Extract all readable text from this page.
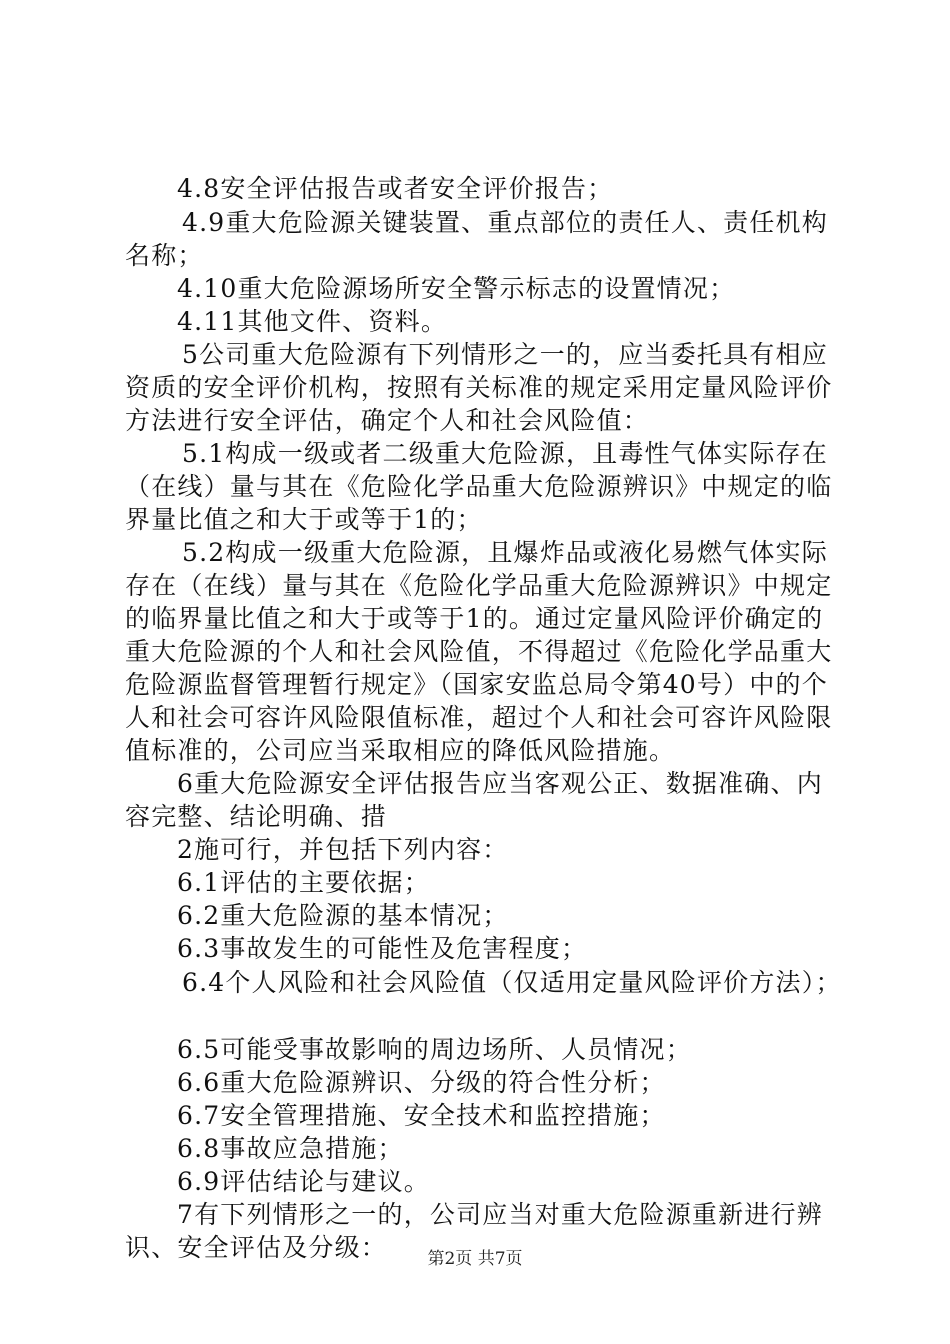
4.8安全评估报告或者安全评价报告；
4.9重大危险源关键装置、重点部位的责任人、责任机构
名称；
4.10重大危险源场所安全警示标志的设置情况；
4.11其他文件、资料。
5公司重大危险源有下列情形之一的，应当委托具有相应
资质的安全评价机构，按照有关标准的规定采用定量风险评价
方法进行安全评估，确定个人和社会风险值：
5.1构成一级或者二级重大危险源，且毒性气体实际存在
（在线）量与其在《危险化学品重大危险源辨识》中规定的临
界量比值之和大于或等于1的；
5.2构成一级重大危险源，且爆炸品或液化易燃气体实际
存在（在线）量与其在《危险化学品重大危险源辨识》中规定
的临界量比值之和大于或等于1的。通过定量风险评价确定的
重大危险源的个人和社会风险值，不得超过《危险化学品重大
危险源监督管理暂行规定》（国家安监总局令第40号）中的个
人和社会可容许风险限值标准，超过个人和社会可容许风险限
值标准的，公司应当采取相应的降低风险措施。
6重大危险源安全评估报告应当客观公正、数据准确、内
容完整、结论明确、措
2施可行，并包括下列内容：
6.1评估的主要依据；
6.2重大危险源的基本情况；
6.3事故发生的可能性及危害程度；
6.4个人风险和社会风险值（仅适用定量风险评价方法）；
6.5可能受事故影响的周边场所、人员情况；
6.6重大危险源辨识、分级的符合性分析；
6.7安全管理措施、安全技术和监控措施；
6.8事故应急措施；
6.9评估结论与建议。
7有下列情形之一的，公司应当对重大危险源重新进行辨
识、安全评估及分级：	第2页 共7页
